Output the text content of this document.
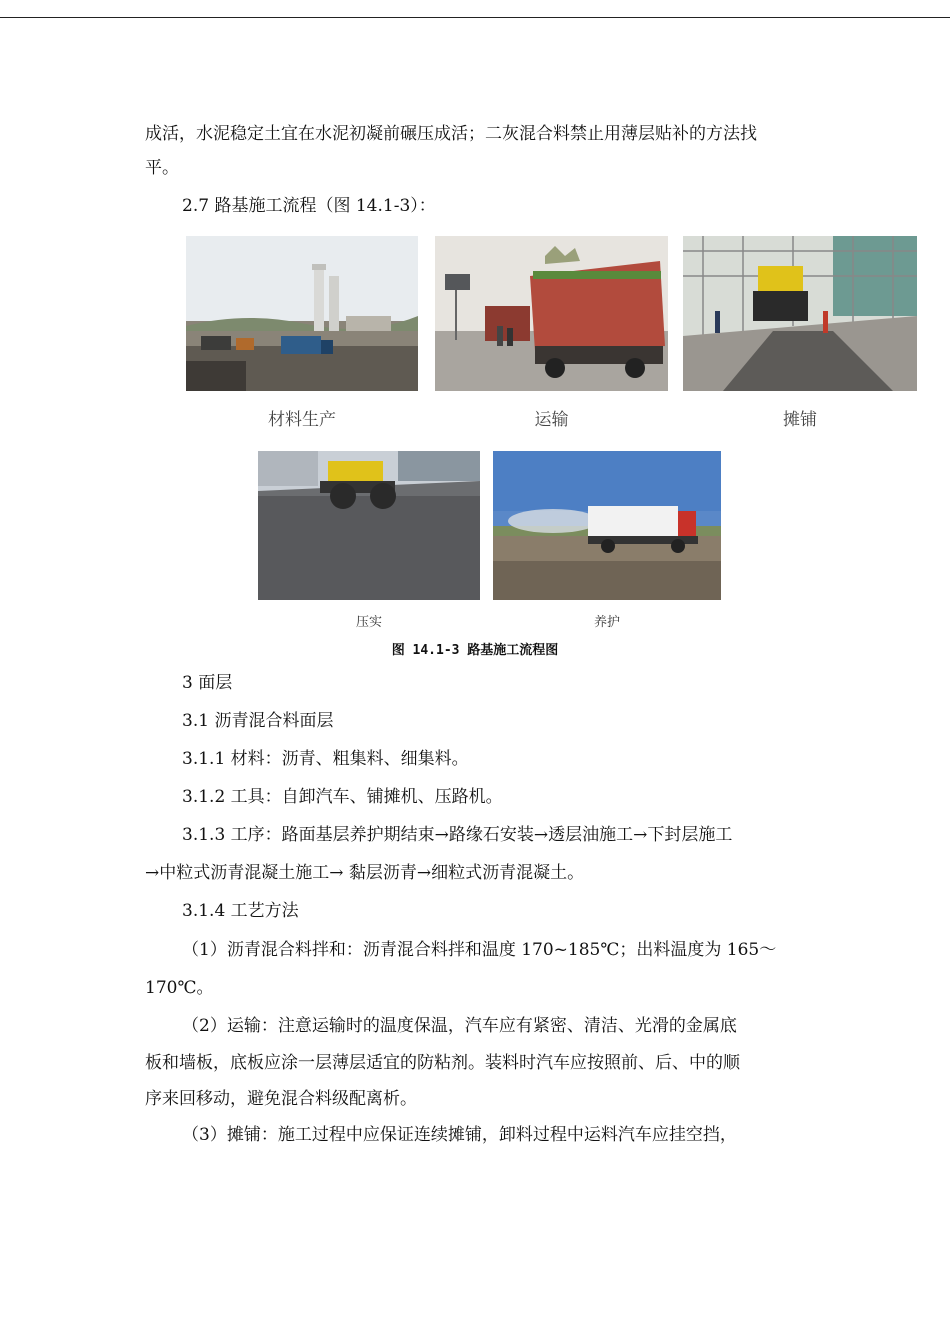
成活，水泥稳定土宜在水泥初凝前碾压成活；二灰混合料禁止用薄层贴补的方法找
平。
2.7 路基施工流程（图 14.1-3）：
材料生产	运输	摊铺
压实	养护
图 14.1-3 路基施工流程图
3 面层
3.1 沥青混合料面层
3.1.1 材料：沥青、粗集料、细集料。
3.1.2 工具：自卸汽车、铺摊机、压路机。
3.1.3 工序：路面基层养护期结束→路缘石安装→透层油施工→下封层施工
→中粒式沥青混凝土施工→ 黏层沥青→细粒式沥青混凝土。
3.1.4 工艺方法
（1）沥青混合料拌和：沥青混合料拌和温度 170~185℃；出料温度为 165～
170℃。
（2）运输：注意运输时的温度保温，汽车应有紧密、清洁、光滑的金属底
板和墙板，底板应涂一层薄层适宜的防粘剂。装料时汽车应按照前、后、中的顺
序来回移动，避免混合料级配离析。
（3）摊铺：施工过程中应保证连续摊铺，卸料过程中运料汽车应挂空挡，
